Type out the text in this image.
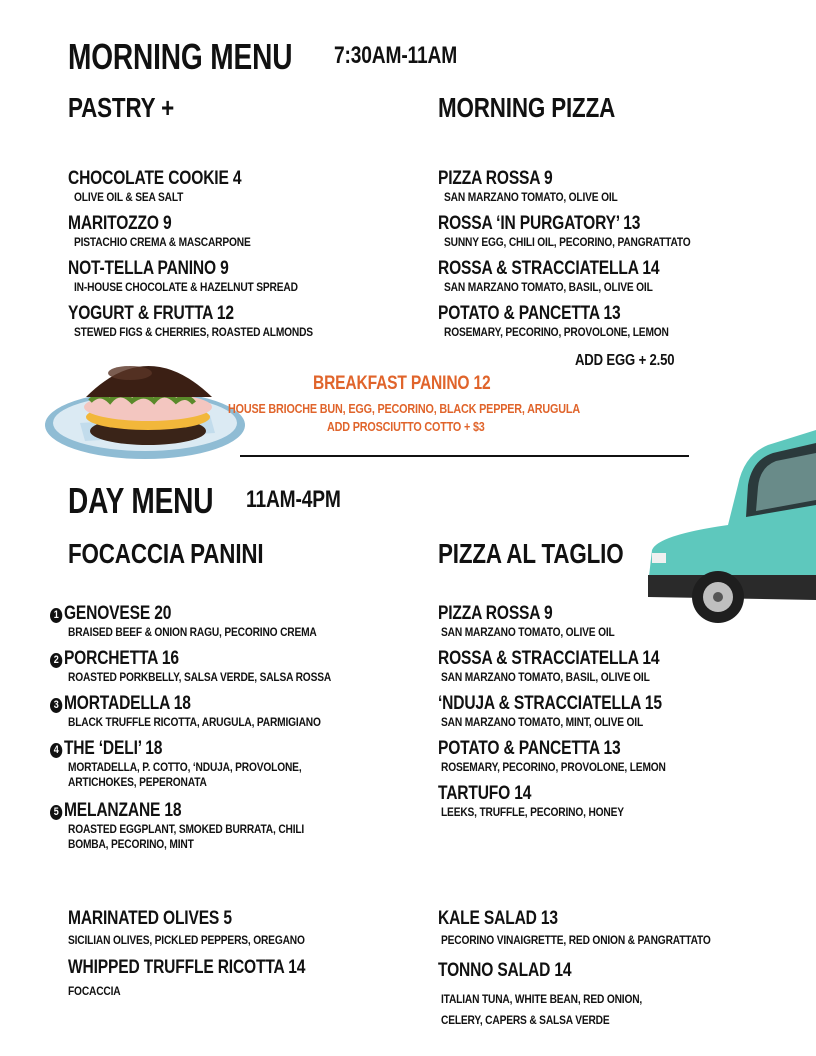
MORNING MENU 7:30AM-11AM
PASTRY +	MORNING PIZZA
CHOCOLATE COOKIE 4
OLIVE OIL & SEA SALT
MARITOZZO 9
PISTACHIO CREMA & MASCARPONE
NOT-TELLA PANINO 9
IN-HOUSE CHOCOLATE & HAZELNUT SPREAD
YOGURT & FRUTTA 12
STEWED FIGS & CHERRIES, ROASTED ALMONDS
PIZZA ROSSA 9
SAN MARZANO TOMATO, OLIVE OIL
ROSSA ‘IN PURGATORY’ 13
SUNNY EGG, CHILI OIL, PECORINO, PANGRATTATO
ROSSA & STRACCIATELLA 14
SAN MARZANO TOMATO, BASIL, OLIVE OIL
POTATO & PANCETTA 13
ROSEMARY, PECORINO, PROVOLONE, LEMON
ADD EGG + 2.50
BREAKFAST PANINO 12
HOUSE BRIOCHE BUN, EGG, PECORINO, BLACK PEPPER, ARUGULA
ADD PROSCIUTTO COTTO + $3
DAY MENU 11AM-4PM
FOCACCIA PANINI	PIZZA AL TAGLIO
1 GENOVESE 20
BRAISED BEEF & ONION RAGU, PECORINO CREMA
2 PORCHETTA 16
ROASTED PORKBELLY, SALSA VERDE, SALSA ROSSA
3 MORTADELLA 18
BLACK TRUFFLE RICOTTA, ARUGULA, PARMIGIANO
4 THE ‘DELI’ 18
MORTADELLA, P. COTTO, ‘NDUJA, PROVOLONE,
ARTICHOKES, PEPERONATA
5 MELANZANE 18
ROASTED EGGPLANT, SMOKED BURRATA, CHILI
BOMBA, PECORINO, MINT
PIZZA ROSSA 9
SAN MARZANO TOMATO, OLIVE OIL
ROSSA & STRACCIATELLA 14
SAN MARZANO TOMATO, BASIL, OLIVE OIL
‘NDUJA & STRACCIATELLA 15
SAN MARZANO TOMATO, MINT, OLIVE OIL
POTATO & PANCETTA 13
ROSEMARY, PECORINO, PROVOLONE, LEMON
TARTUFO 14
LEEKS, TRUFFLE, PECORINO, HONEY
MARINATED OLIVES 5
SICILIAN OLIVES, PICKLED PEPPERS, OREGANO
WHIPPED TRUFFLE RICOTTA 14
FOCACCIA
KALE SALAD 13
PECORINO VINAIGRETTE, RED ONION & PANGRATTATO
TONNO SALAD 14
ITALIAN TUNA, WHITE BEAN, RED ONION,
CELERY, CAPERS & SALSA VERDE
